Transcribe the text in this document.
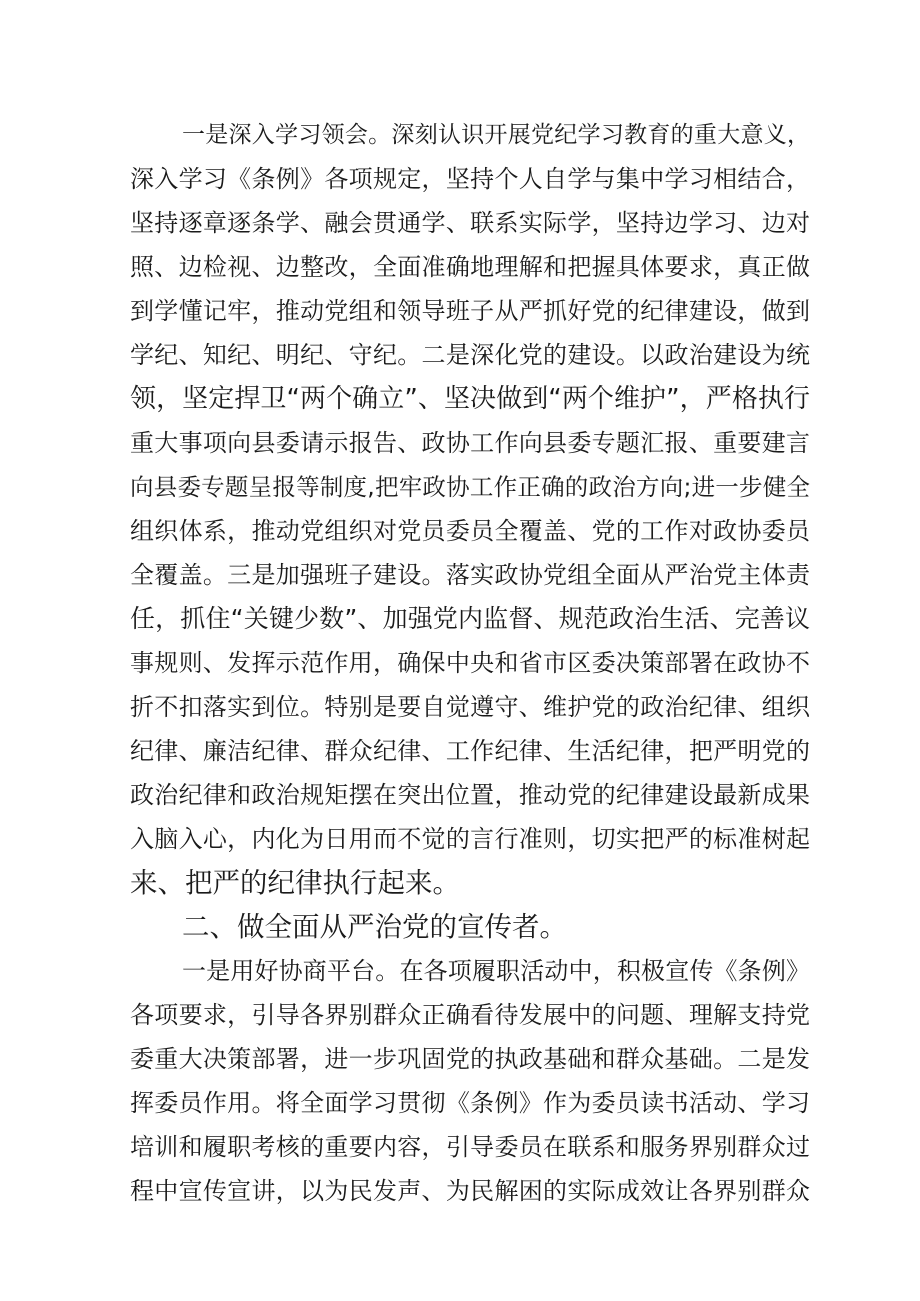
一是深入学习领会。深刻认识开展党纪学习教育的重大意义，
深入学习《条例》各项规定，坚持个人自学与集中学习相结合，
坚持逐章逐条学、融会贯通学、联系实际学，坚持边学习、边对
照、边检视、边整改，全面准确地理解和把握具体要求，真正做
到学懂记牢，推动党组和领导班子从严抓好党的纪律建设，做到
学纪、知纪、明纪、守纪。二是深化党的建设。以政治建设为统
领，坚定捍卫“两个确立”、坚决做到“两个维护”，严格执行
重大事项向县委请示报告、政协工作向县委专题汇报、重要建言
向县委专题呈报等制度,把牢政协工作正确的政治方向;进一步健全
组织体系，推动党组织对党员委员全覆盖、党的工作对政协委员
全覆盖。三是加强班子建设。落实政协党组全面从严治党主体责
任，抓住“关键少数”、加强党内监督、规范政治生活、完善议
事规则、发挥示范作用，确保中央和省市区委决策部署在政协不
折不扣落实到位。特别是要自觉遵守、维护党的政治纪律、组织
纪律、廉洁纪律、群众纪律、工作纪律、生活纪律，把严明党的
政治纪律和政治规矩摆在突出位置，推动党的纪律建设最新成果
入脑入心，内化为日用而不觉的言行准则，切实把严的标准树起
来、把严的纪律执行起来。
二、做全面从严治党的宣传者。
一是用好协商平台。在各项履职活动中，积极宣传《条例》
各项要求，引导各界别群众正确看待发展中的问题、理解支持党
委重大决策部署，进一步巩固党的执政基础和群众基础。二是发
挥委员作用。将全面学习贯彻《条例》作为委员读书活动、学习
培训和履职考核的重要内容，引导委员在联系和服务界别群众过
程中宣传宣讲，以为民发声、为民解困的实际成效让各界别群众
